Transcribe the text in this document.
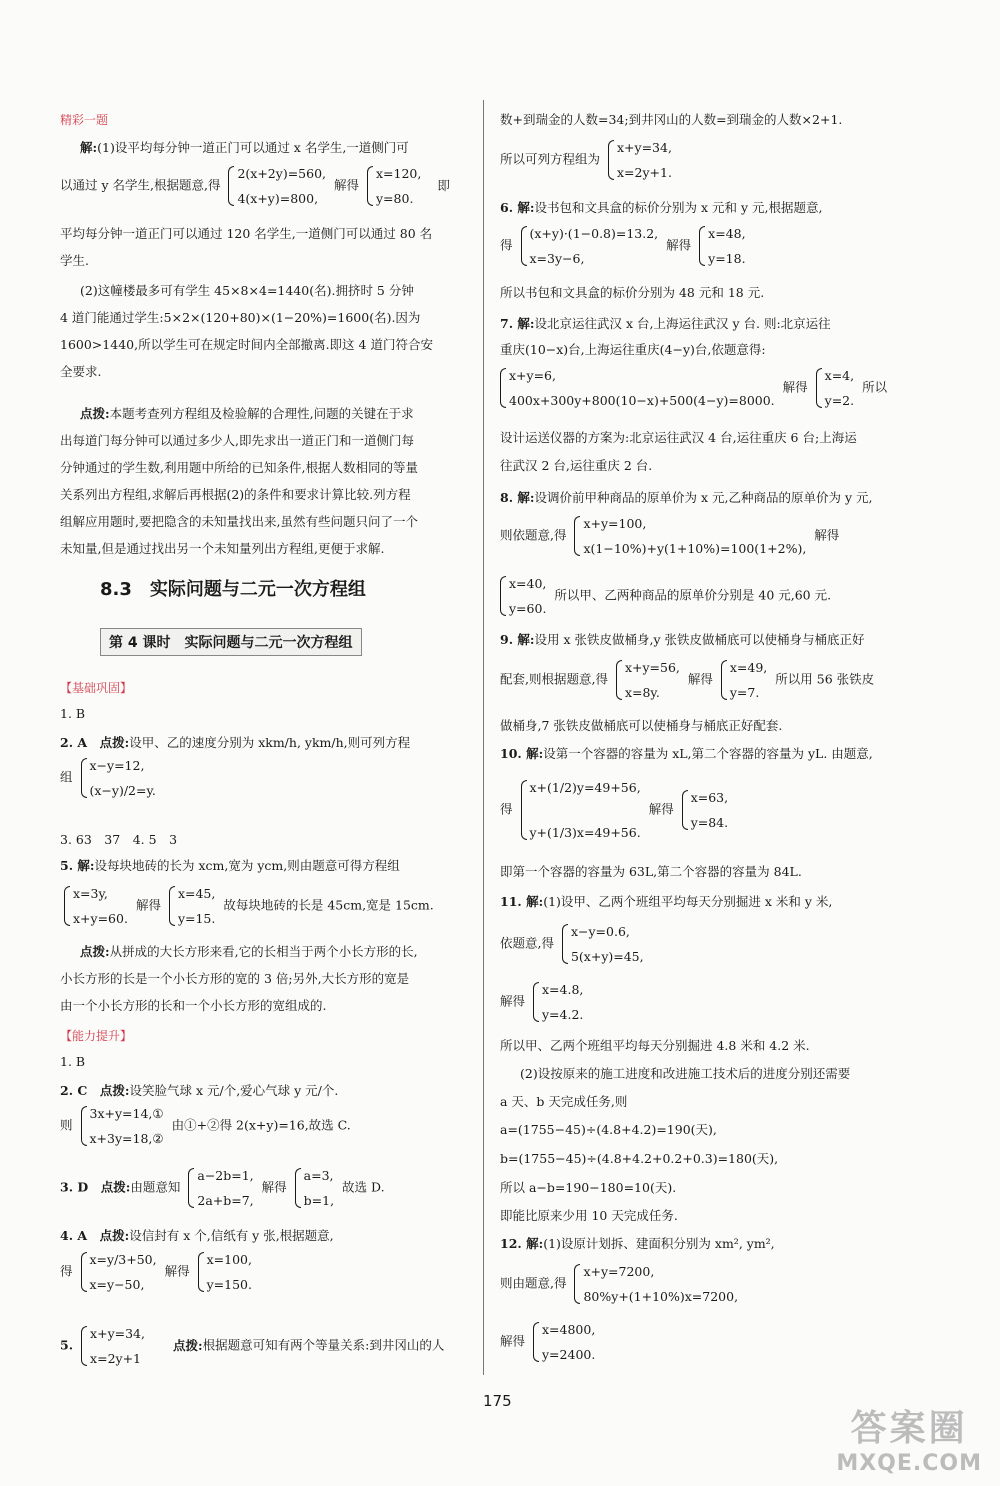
精彩一题
解:(1)设平均每分钟一道正门可以通过 x 名学生,一道侧门可
以通过 y 名学生,根据题意,得
2(x+2y)=560,
4(x+y)=800,
解得
x=120,
y=80.
即
平均每分钟一道正门可以通过 120 名学生,一道侧门可以通过 80 名
学生.
(2)这幢楼最多可有学生 45×8×4=1440(名).拥挤时 5 分钟
4 道门能通过学生:5×2×(120+80)×(1−20%)=1600(名).因为
1600>1440,所以学生可在规定时间内全部撤离.即这 4 道门符合安
全要求.
点拨:本题考查列方程组及检验解的合理性,问题的关键在于求
出每道门每分钟可以通过多少人,即先求出一道正门和一道侧门每
分钟通过的学生数,利用题中所给的已知条件,根据人数相同的等量
关系列出方程组,求解后再根据(2)的条件和要求计算比较.列方程
组解应用题时,要把隐含的未知量找出来,虽然有些问题只问了一个
未知量,但是通过找出另一个未知量列出方程组,更便于求解.
【基础巩固】
1. B
2. A　点拨:设甲、乙的速度分别为 xkm/h, ykm/h,则可列方程
组
x−y=12,
(x−y)/2=y.
3. 63　37　4. 5　3
5. 解:设每块地砖的长为 xcm,宽为 ycm,则由题意可得方程组
x=3y,
x+y=60.
解得
x=45,
y=15.
故每块地砖的长是 45cm,宽是 15cm.
点拨:从拼成的大长方形来看,它的长相当于两个小长方形的长,
小长方形的长是一个小长方形的宽的 3 倍;另外,大长方形的宽是
由一个小长方形的长和一个小长方形的宽组成的.
【能力提升】
1. B
2. C　点拨:设笑脸气球 x 元/个,爱心气球 y 元/个.
则
3x+y=14,①
x+3y=18,②
由①+②得 2(x+y)=16,故选 C.
3. D　点拨:由题意知
a−2b=1,
2a+b=7,
解得
a=3,
b=1,
故选 D.
4. A　点拨:设信封有 x 个,信纸有 y 张,根据题意,
得
x=y/3+50,
x=y−50,
解得
x=100,
y=150.
5.
x+y=34,
x=2y+1
点拨:根据题意可知有两个等量关系:到井冈山的人
8.3　实际问题与二元一次方程组
第 4 课时　实际问题与二元一次方程组
数+到瑞金的人数=34;到井冈山的人数=到瑞金的人数×2+1.
所以可列方程组为
x+y=34,
x=2y+1.
6. 解:设书包和文具盒的标价分别为 x 元和 y 元,根据题意,
得
(x+y)·(1−0.8)=13.2,
x=3y−6,
解得
x=48,
y=18.
所以书包和文具盒的标价分别为 48 元和 18 元.
7. 解:设北京运往武汉 x 台,上海运往武汉 y 台. 则:北京运往
重庆(10−x)台,上海运往重庆(4−y)台,依题意得:
x+y=6,
400x+300y+800(10−x)+500(4−y)=8000.
解得
x=4,
y=2.
所以
设计运送仪器的方案为:北京运往武汉 4 台,运往重庆 6 台;上海运
往武汉 2 台,运往重庆 2 台.
8. 解:设调价前甲种商品的原单价为 x 元,乙种商品的原单价为 y 元,
则依题意,得
x+y=100,
x(1−10%)+y(1+10%)=100(1+2%),
解得
x=40,
y=60.
所以甲、乙两种商品的原单价分别是 40 元,60 元.
9. 解:设用 x 张铁皮做桶身,y 张铁皮做桶底可以使桶身与桶底正好
配套,则根据题意,得
x+y=56,
x=8y.
解得
x=49,
y=7.
所以用 56 张铁皮
做桶身,7 张铁皮做桶底可以使桶身与桶底正好配套.
10. 解:设第一个容器的容量为 xL,第二个容器的容量为 yL. 由题意,
得
x+(1/2)y=49+56,
y+(1/3)x=49+56.
解得
x=63,
y=84.
即第一个容器的容量为 63L,第二个容器的容量为 84L.
11. 解:(1)设甲、乙两个班组平均每天分别掘进 x 米和 y 米,
依题意,得
x−y=0.6,
5(x+y)=45,
解得
x=4.8,
y=4.2.
所以甲、乙两个班组平均每天分别掘进 4.8 米和 4.2 米.
(2)设按原来的施工进度和改进施工技术后的进度分别还需要
a 天、b 天完成任务,则
a=(1755−45)÷(4.8+4.2)=190(天),
b=(1755−45)÷(4.8+4.2+0.2+0.3)=180(天),
所以 a−b=190−180=10(天).
即能比原来少用 10 天完成任务.
12. 解:(1)设原计划拆、建面积分别为 xm², ym²,
则由题意,得
x+y=7200,
80%y+(1+10%)x=7200,
解得
x=4800,
y=2400.
175
答案圈
MXQE.COM
